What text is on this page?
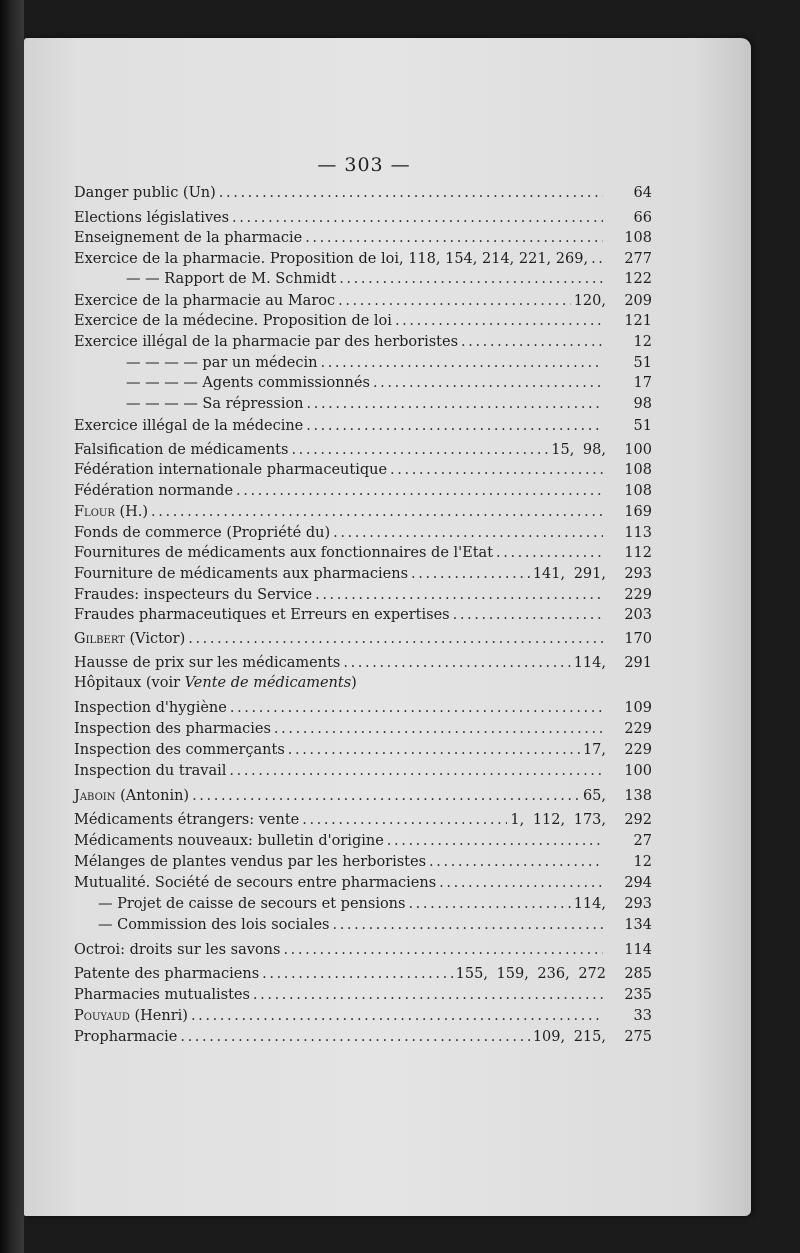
— 303 —
Danger public (Un) . . .	64
Elections législatives . . .	66
Enseignement de la pharmacie . . .	108
Exercice de la pharmacie. Proposition de loi, 118, 154, 214, 221, 269, . . .	277
— — Rapport de M. Schmidt . . .	122
Exercice de la pharmacie au Maroc . . .	120,	209
Exercice de la médecine. Proposition de loi . . .	121
Exercice illégal de la pharmacie par des herboristes . . .	12
— — — — par un médecin . . .	51
— — — — Agents commissionnés . . .	17
— — — — Sa répression . . .	98
Exercice illégal de la médecine . . .	51
Falsification de médicaments . . .	15, 98,	100
Fédération internationale pharmaceutique . . .	108
Fédération normande . . .	108
Flour (H.) . . .	169
Fonds de commerce (Propriété du) . . .	113
Fournitures de médicaments aux fonctionnaires de l'Etat . . .	112
Fourniture de médicaments aux pharmaciens . . .	141, 291,	293
Fraudes: inspecteurs du Service . . .	229
Fraudes pharmaceutiques et Erreurs en expertises . . .	203
Gilbert (Victor) . . .	170
Hausse de prix sur les médicaments . . .	114,	291
Hôpitaux (voir Vente de médicaments)
Inspection d'hygiène . . .	109
Inspection des pharmacies . . .	229
Inspection des commerçants . . .	17,	229
Inspection du travail . . .	100
Jaboin (Antonin) . . .	65,	138
Médicaments étrangers: vente . . .	1, 112, 173,	292
Médicaments nouveaux: bulletin d'origine . . .	27
Mélanges de plantes vendus par les herboristes . . .	12
Mutualité. Société de secours entre pharmaciens . . .	294
— Projet de caisse de secours et pensions . . .	114,	293
— Commission des lois sociales . . .	134
Octroi: droits sur les savons . . .	114
Patente des pharmaciens . . .	155, 159, 236, 272	285
Pharmacies mutualistes . . .	235
Pouyaud (Henri) . . .	33
Propharmacie . . .	109, 215,	275
